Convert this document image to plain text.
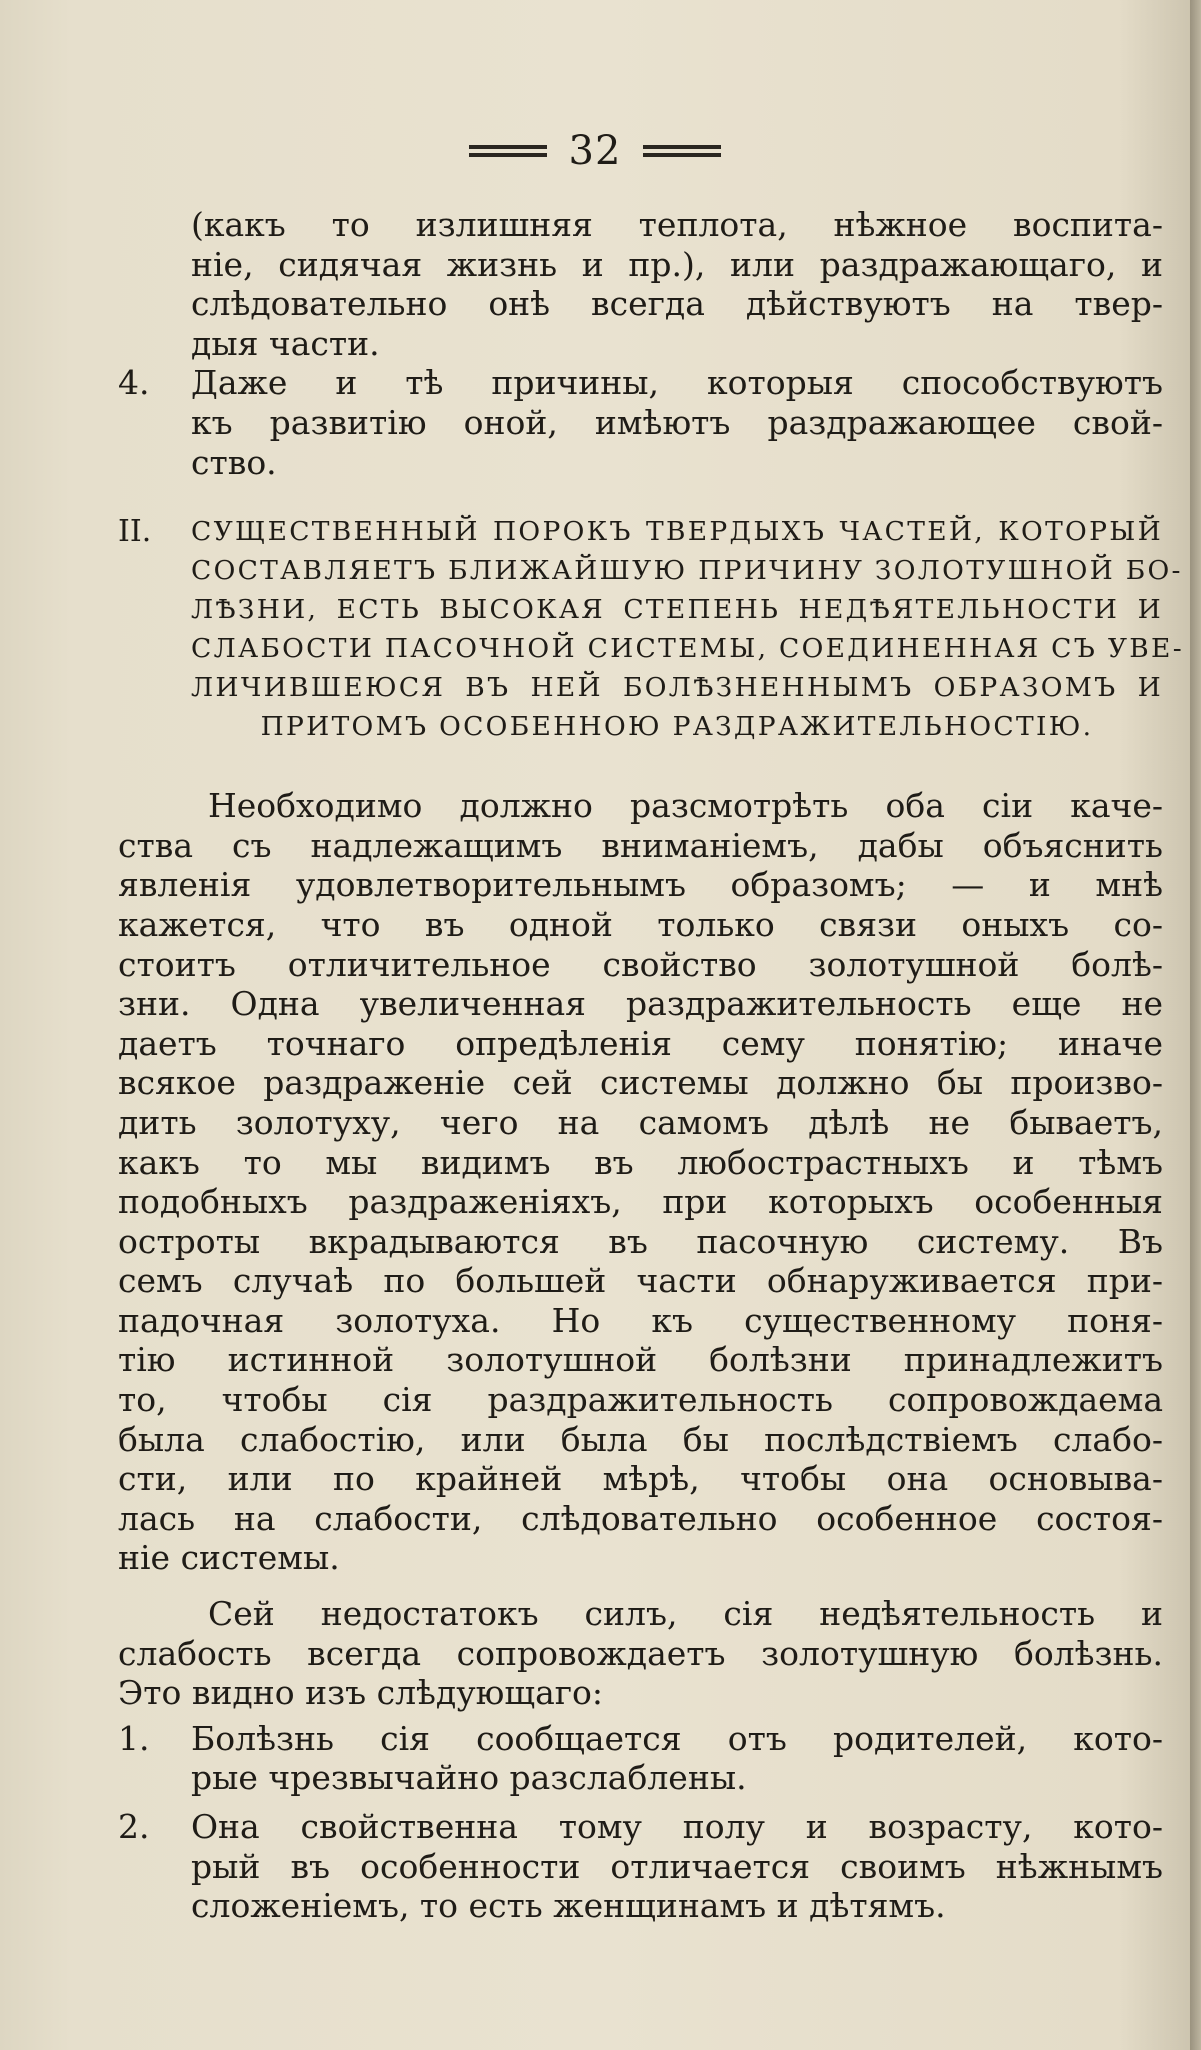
32
(какъ то излишняя теплота, нѣжное воспита-
ніе, сидячая жизнь и пр.), или раздражающаго, и
слѣдовательно онѣ всегда дѣйствуютъ на твер-
дыя части.
4.	Даже и тѣ причины, которыя способствуютъ
къ развитію оной, имѣютъ раздражающее свой-
ство.
II.	СУЩЕСТВЕННЫЙ ПОРОКЪ ТВЕРДЫХЪ ЧАСТЕЙ, КОТОРЫЙ
СОСТАВЛЯЕТЪ БЛИЖАЙШУЮ ПРИЧИНУ ЗОЛОТУШНОЙ БО-
ЛѢЗНИ, ЕСТЬ ВЫСОКАЯ СТЕПЕНЬ НЕДѢЯТЕЛЬНОСТИ И
СЛАБОСТИ ПАСОЧНОЙ СИСТЕМЫ, СОЕДИНЕННАЯ СЪ УВЕ-
ЛИЧИВШЕЮСЯ ВЪ НЕЙ БОЛѢЗНЕННЫМЪ ОБРАЗОМЪ И
ПРИТОМЪ ОСОБЕННОЮ РАЗДРАЖИТЕЛЬНОСТІЮ.
Необходимо должно разсмотрѣть оба сіи каче-
ства съ надлежащимъ вниманіемъ, дабы объяснить
явленія удовлетворительнымъ образомъ; — и мнѣ
кажется, что въ одной только связи оныхъ со-
стоитъ отличительное свойство золотушной болѣ-
зни. Одна увеличенная раздражительность еще не
даетъ точнаго опредѣленія сему понятію; иначе
всякое раздраженіе сей системы должно бы произво-
дить золотуху, чего на самомъ дѣлѣ не бываетъ,
какъ то мы видимъ въ любострастныхъ и тѣмъ
подобныхъ раздраженіяхъ, при которыхъ особенныя
остроты вкрадываются въ пасочную систему. Въ
семъ случаѣ по большей части обнаруживается при-
падочная золотуха. Но къ существенному поня-
тію истинной золотушной болѣзни принадлежитъ
то, чтобы сія раздражительность сопровождаема
была слабостію, или была бы послѣдствіемъ слабо-
сти, или по крайней мѣрѣ, чтобы она основыва-
лась на слабости, слѣдовательно особенное состоя-
ніе системы.
Сей недостатокъ силъ, сія недѣятельность и
слабость всегда сопровождаетъ золотушную болѣзнь.
Это видно изъ слѣдующаго:
1.	Болѣзнь сія сообщается отъ родителей, кото-
рые чрезвычайно разслаблены.
2.	Она свойственна тому полу и возрасту, кото-
рый въ особенности отличается своимъ нѣжнымъ
сложеніемъ, то есть женщинамъ и дѣтямъ.
